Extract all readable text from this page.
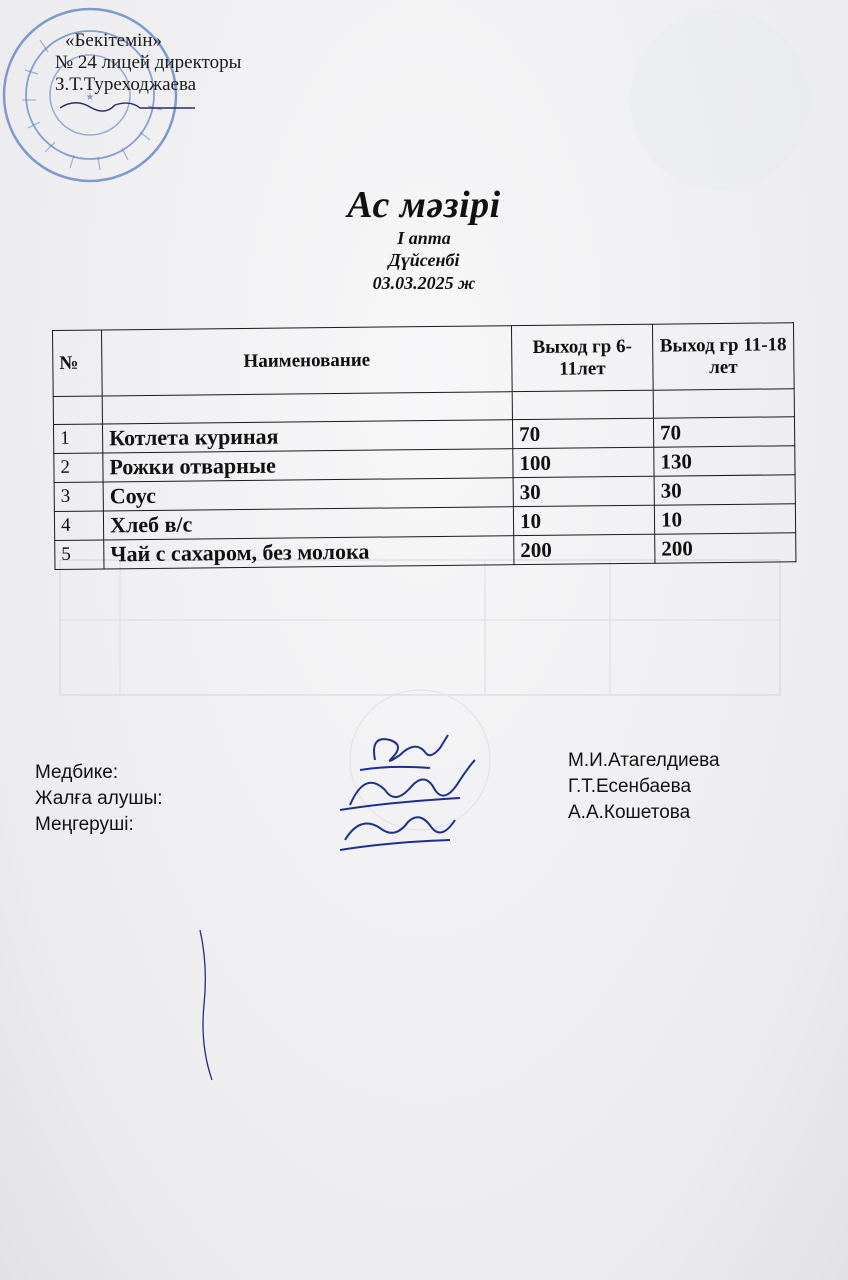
★
«Бекітемін»
№ 24 лицей директоры
З.Т.Туреходжаева
Ас мәзірі
I апта
Дүйсенбі
03.03.2025 ж
№	Наименование	Выход гр 6-11лет	Выход гр 11-18 лет

1	Котлета куриная	70	70
2	Рожки отварные	100	130
3	Соус	30	30
4	Хлеб в/с	10	10
5	Чай с сахаром, без молока	200	200
Медбике:
Жалға алушы:
Меңгеруші:
М.И.Атагелдиева
Г.Т.Есенбаева
А.А.Кошетова
